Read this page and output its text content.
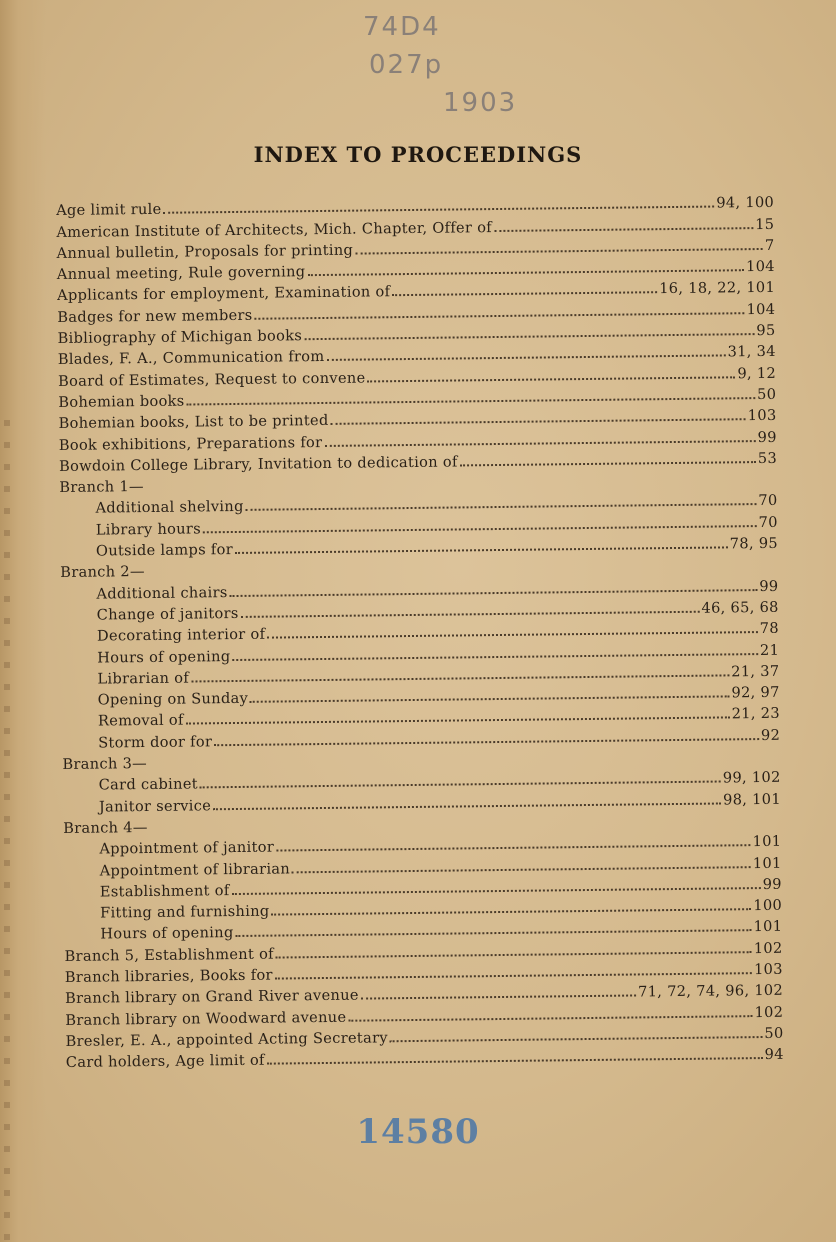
74D4
027p
1903
INDEX TO PROCEEDINGS
Age limit rule	94, 100
American Institute of Architects, Mich. Chapter, Offer of	15
Annual bulletin, Proposals for printing	7
Annual meeting, Rule governing	104
Applicants for employment, Examination of	16, 18, 22, 101
Badges for new members	104
Bibliography of Michigan books	95
Blades, F. A., Communication from	31, 34
Board of Estimates, Request to convene	9, 12
Bohemian books	50
Bohemian books, List to be printed	103
Book exhibitions, Preparations for	99
Bowdoin College Library, Invitation to dedication of	53
Branch 1—
Additional shelving	70
Library hours	70
Outside lamps for	78, 95
Branch 2—
Additional chairs	99
Change of janitors	46, 65, 68
Decorating interior of	78
Hours of opening	21
Librarian of	21, 37
Opening on Sunday	92, 97
Removal of	21, 23
Storm door for	92
Branch 3—
Card cabinet	99, 102
Janitor service	98, 101
Branch 4—
Appointment of janitor	101
Appointment of librarian	101
Establishment of	99
Fitting and furnishing	100
Hours of opening	101
Branch 5, Establishment of	102
Branch libraries, Books for	103
Branch library on Grand River avenue	71, 72, 74, 96, 102
Branch library on Woodward avenue	102
Bresler, E. A., appointed Acting Secretary	50
Card holders, Age limit of	94
14580
